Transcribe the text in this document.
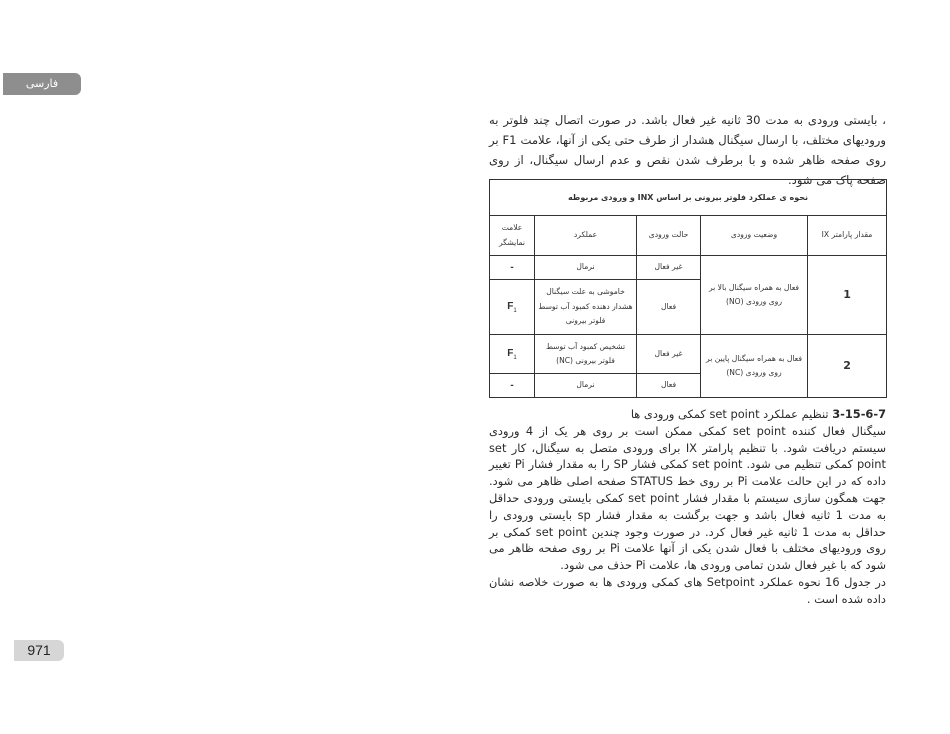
فارسی

، بایستی ورودی به مدت 30 ثانیه غیر فعال باشد. در صورت اتصال چند فلوتر به ورودیهای مختلف، با ارسال سیگنال هشدار از طرف حتی یکی از آنها، علامت F1 بر روی صفحه ظاهر شده و با برطرف شدن نقص و عدم ارسال سیگنال، از روی صفحه پاک می شود.

نحوه ی عملکرد فلوتر بیرونی بر اساس INX و ورودی مربوطه				
مقدار پارامتر IX	وضعیت ورودی	حالت ورودی	عملکرد	علامت نمایشگر
1	فعال به همراه سیگنال بالا بر روی ورودی (NO)	غیر فعال	نرمال	-
		فعال	خاموشی به علت سیگنال هشدار دهنده کمبود آب توسط فلوتر بیرونی	$F_1$
2	فعال به همراه سیگنال پایین بر روی ورودی (NC)	غیر فعال	تشخیص کمبود آب توسط فلوتر بیرونی (NC)	$F_1$
		فعال	نرمال	-
3-15-6-7 تنظیم عملکرد set point کمکی ورودی ها
سیگنال فعال کننده set point کمکی ممکن است بر روی هر یک از 4 ورودی سیستم دریافت شود. با تنظیم پارامتر IX برای ورودی متصل به سیگنال، کار set point کمکی تنظیم می شود. set point کمکی فشار SP را به مقدار فشار Pi تغییر داده که در این حالت علامت Pi بر روی خط STATUS صفحه اصلی ظاهر می شود. جهت همگون سازی سیستم با مقدار فشار set point کمکی بایستی ورودی حداقل به مدت 1 ثانیه فعال باشد و جهت برگشت به مقدار فشار sp بایستی ورودی را حداقل به مدت 1 ثانیه غیر فعال کرد. در صورت وجود چندین set point کمکی بر روی ورودیهای مختلف با فعال شدن یکی از آنها علامت Pi بر روی صفحه ظاهر می شود که با غیر فعال شدن تمامی ورودی ها، علامت Pi حذف می شود.
در جدول 16 نحوه عملکرد Setpoint های کمکی ورودی ها به صورت خلاصه نشان داده شده است .
971
